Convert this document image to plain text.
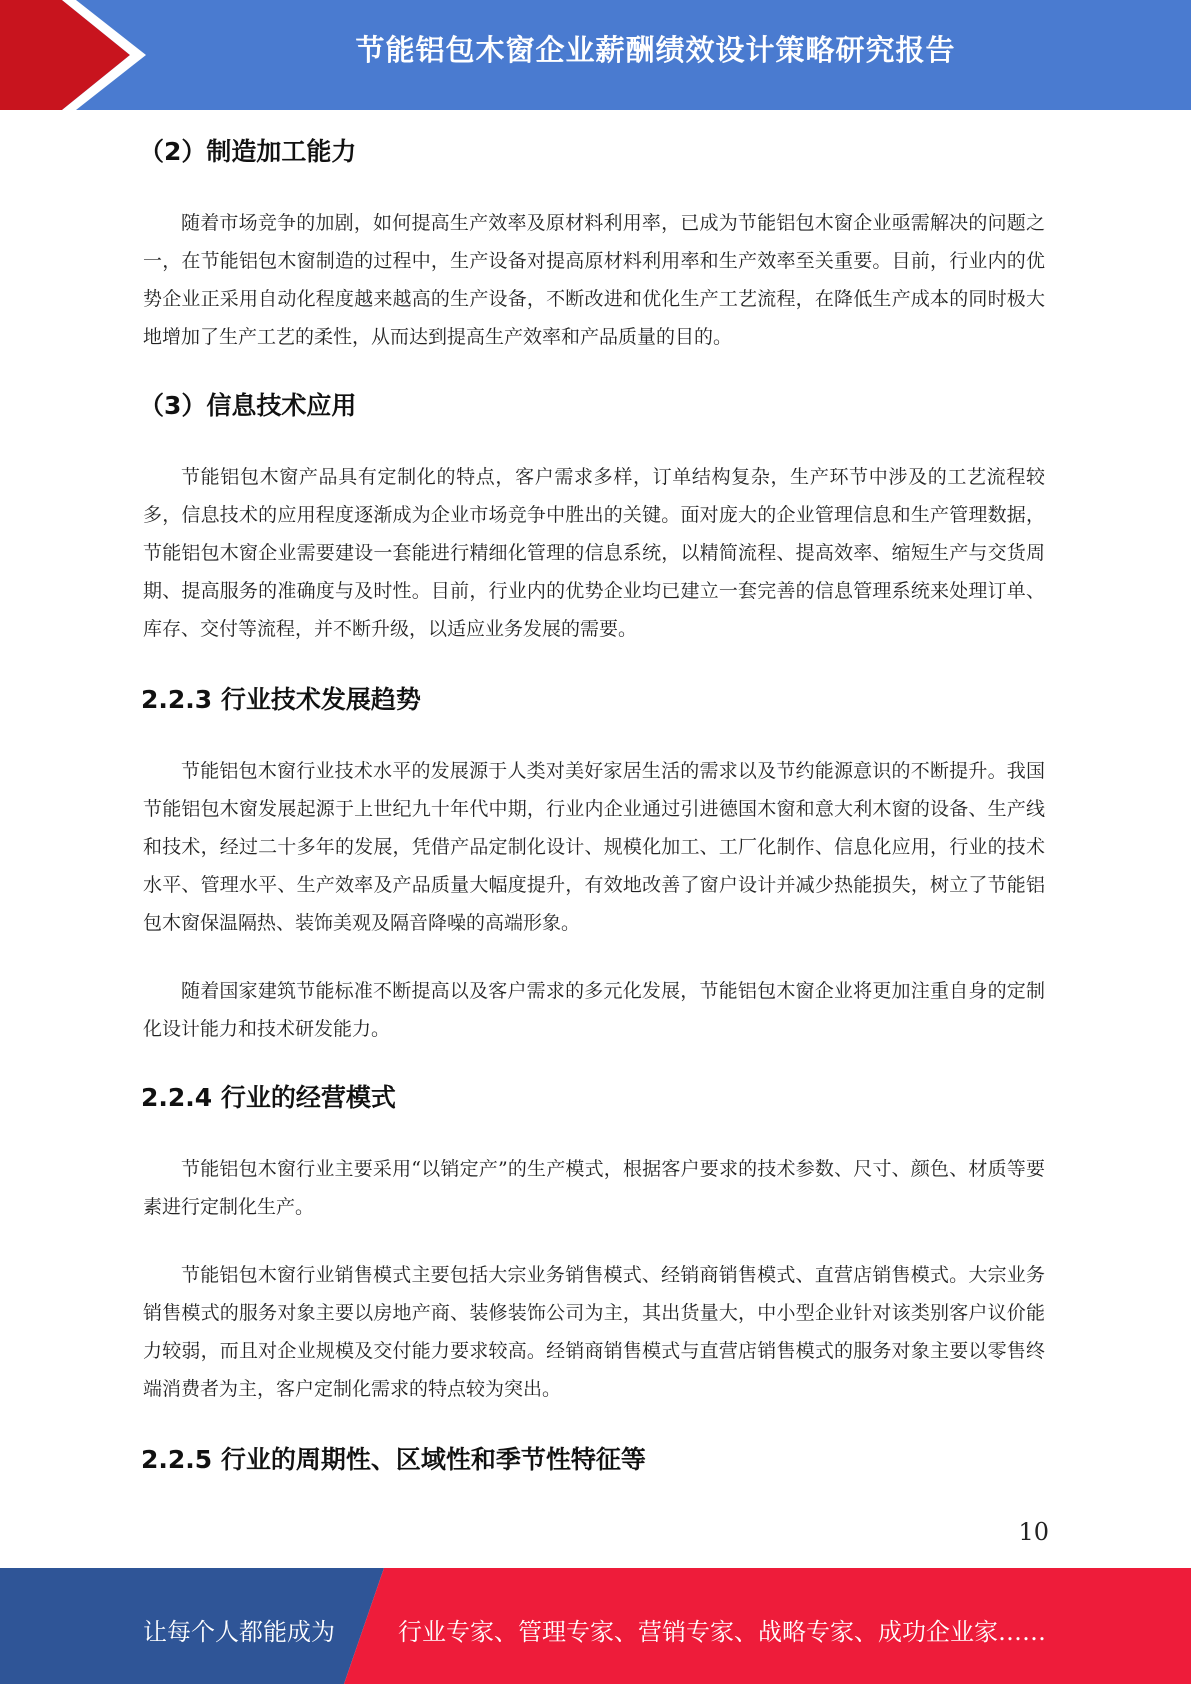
节能铝包木窗企业薪酬绩效设计策略研究报告
（2）制造加工能力

随着市场竞争的加剧，如何提高生产效率及原材料利用率，已成为节能铝包木窗企业亟需解决的问题之一，在节能铝包木窗制造的过程中，生产设备对提高原材料利用率和生产效率至关重要。目前，行业内的优势企业正采用自动化程度越来越高的生产设备，不断改进和优化生产工艺流程，在降低生产成本的同时极大地增加了生产工艺的柔性，从而达到提高生产效率和产品质量的目的。

（3）信息技术应用

节能铝包木窗产品具有定制化的特点，客户需求多样，订单结构复杂，生产环节中涉及的工艺流程较多，信息技术的应用程度逐渐成为企业市场竞争中胜出的关键。面对庞大的企业管理信息和生产管理数据，节能铝包木窗企业需要建设一套能进行精细化管理的信息系统，以精简流程、提高效率、缩短生产与交货周期、提高服务的准确度与及时性。目前，行业内的优势企业均已建立一套完善的信息管理系统来处理订单、库存、交付等流程，并不断升级，以适应业务发展的需要。

2.2.3 行业技术发展趋势

节能铝包木窗行业技术水平的发展源于人类对美好家居生活的需求以及节约能源意识的不断提升。我国节能铝包木窗发展起源于上世纪九十年代中期，行业内企业通过引进德国木窗和意大利木窗的设备、生产线和技术，经过二十多年的发展，凭借产品定制化设计、规模化加工、工厂化制作、信息化应用，行业的技术水平、管理水平、生产效率及产品质量大幅度提升，有效地改善了窗户设计并减少热能损失，树立了节能铝包木窗保温隔热、装饰美观及隔音降噪的高端形象。

随着国家建筑节能标准不断提高以及客户需求的多元化发展，节能铝包木窗企业将更加注重自身的定制化设计能力和技术研发能力。

2.2.4 行业的经营模式

节能铝包木窗行业主要采用“以销定产”的生产模式，根据客户要求的技术参数、尺寸、颜色、材质等要素进行定制化生产。

节能铝包木窗行业销售模式主要包括大宗业务销售模式、经销商销售模式、直营店销售模式。大宗业务销售模式的服务对象主要以房地产商、装修装饰公司为主，其出货量大，中小型企业针对该类别客户议价能力较弱，而且对企业规模及交付能力要求较高。经销商销售模式与直营店销售模式的服务对象主要以零售终端消费者为主，客户定制化需求的特点较为突出。

2.2.5 行业的周期性、区域性和季节性特征等
10
让每个人都能成为	行业专家、管理专家、营销专家、战略专家、成功企业家……
